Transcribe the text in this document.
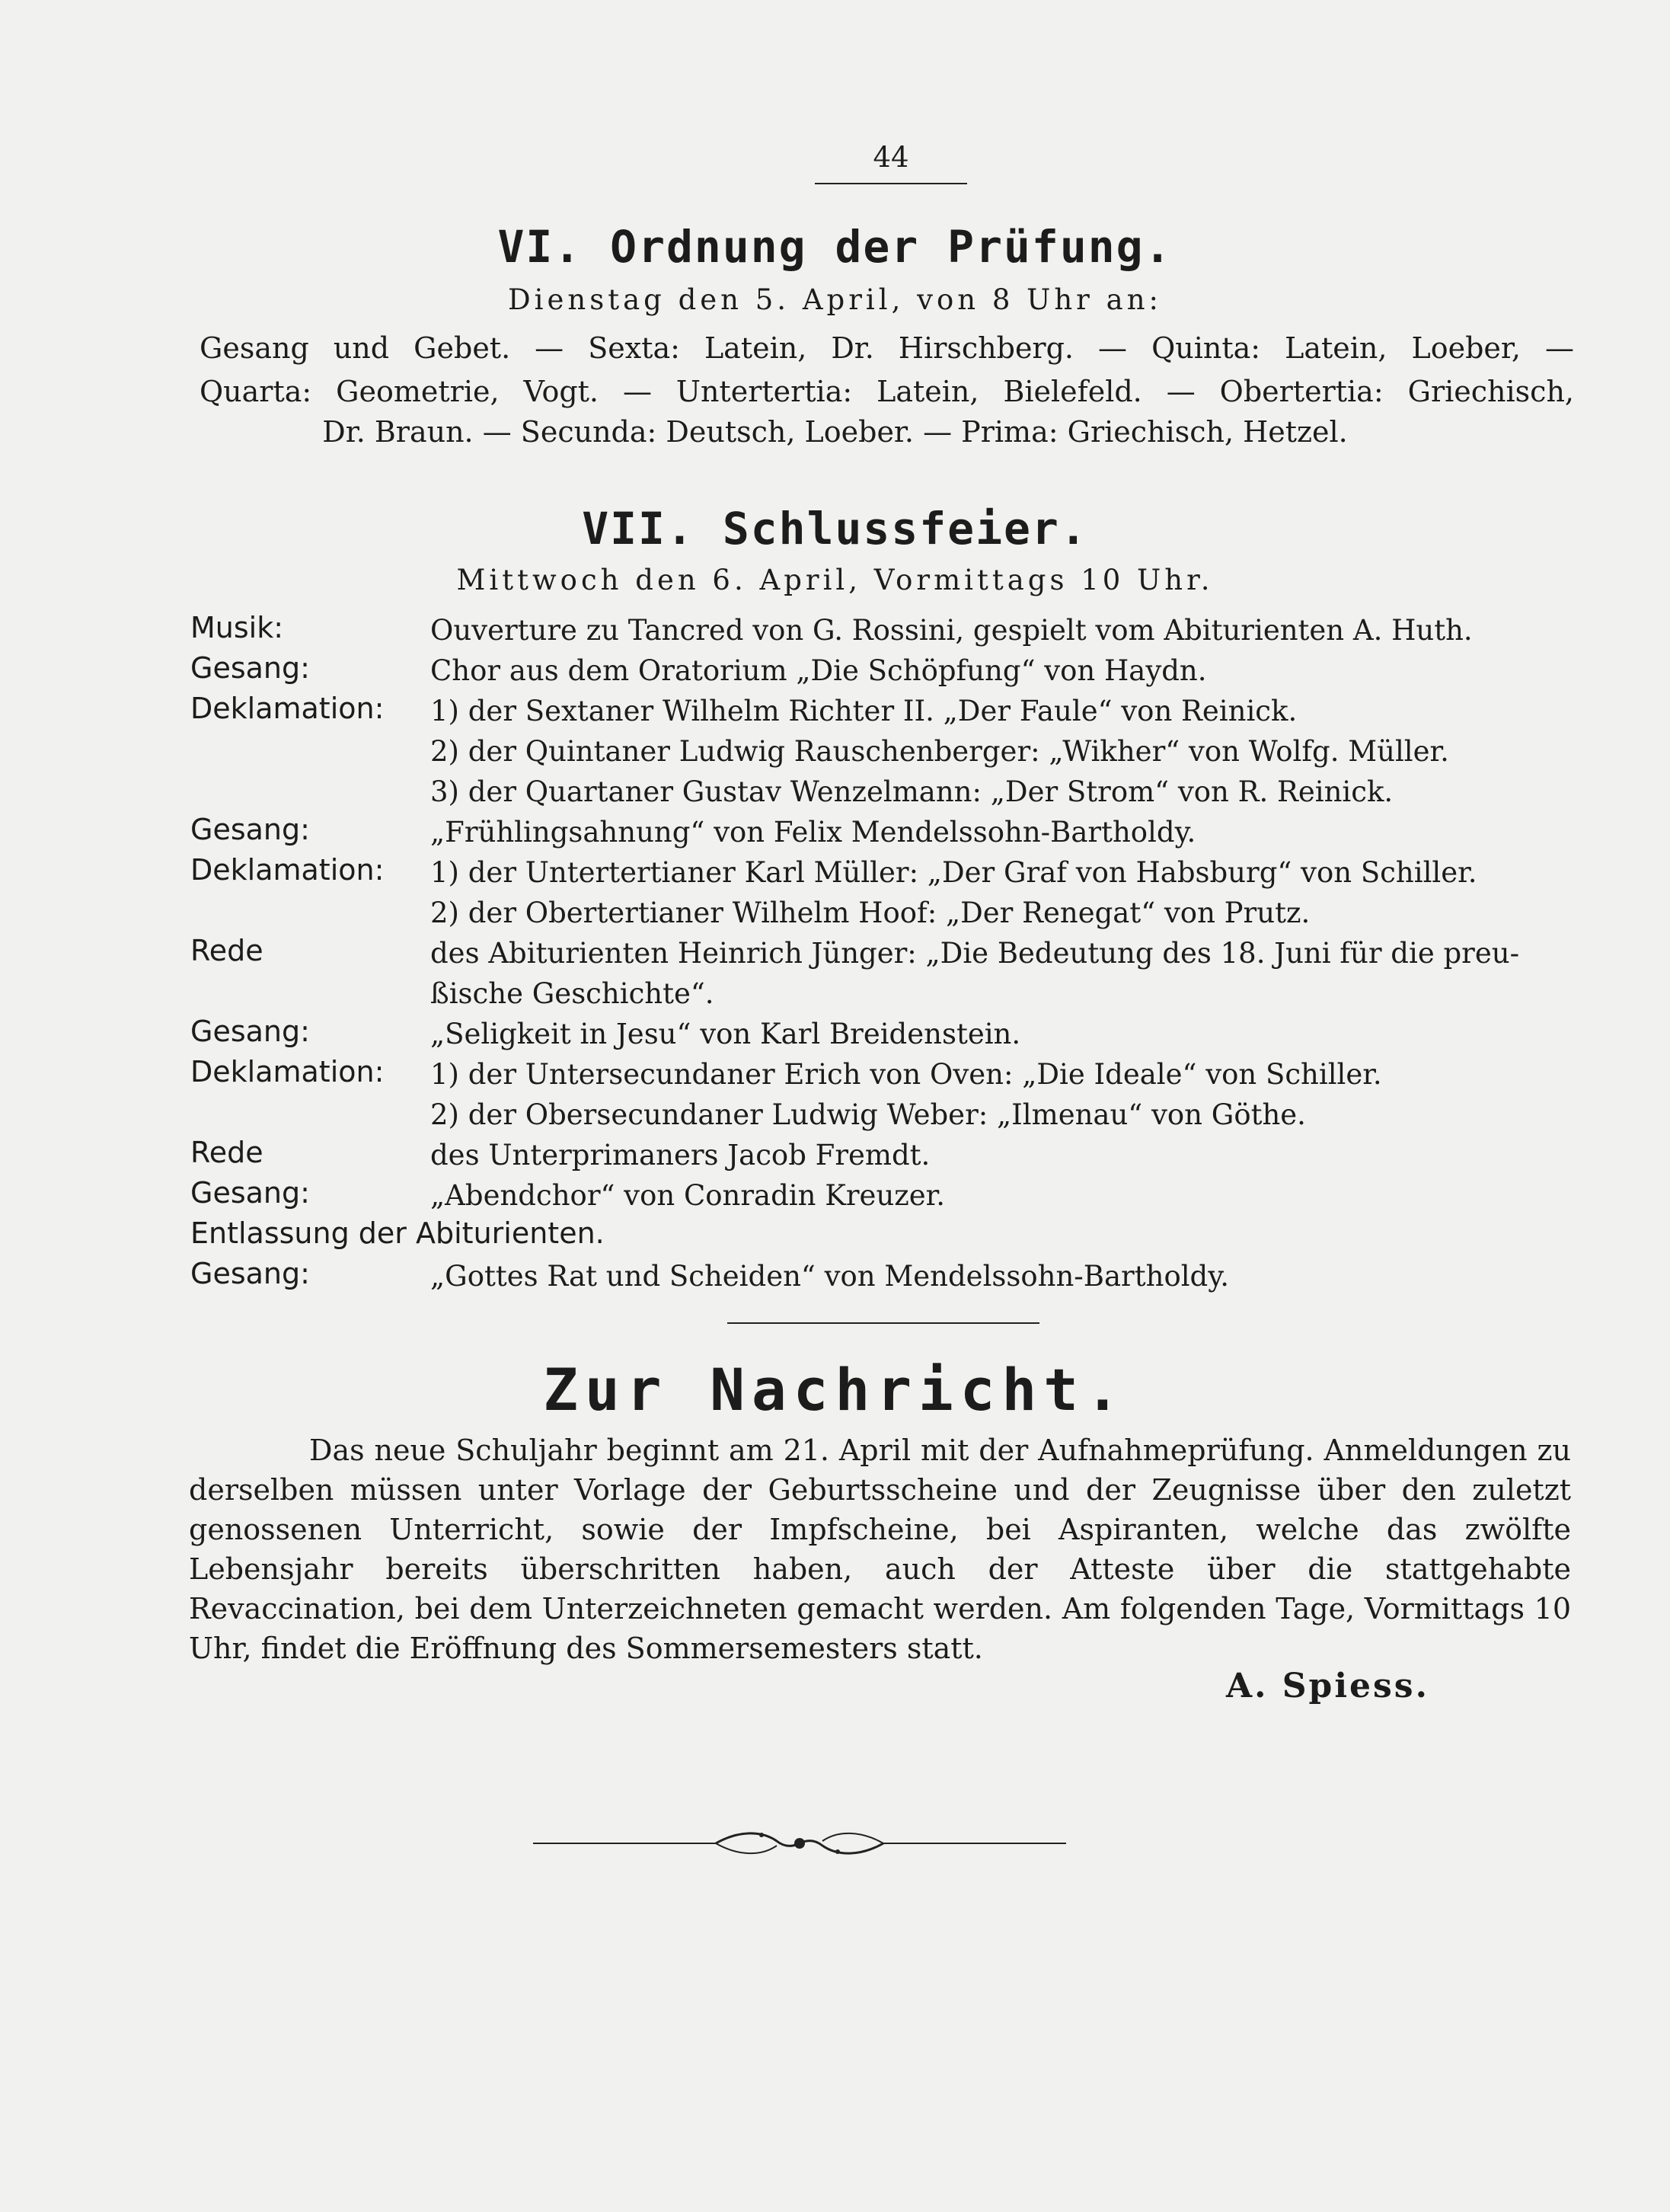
44
VI. Ordnung der Prüfung.
Dienstag den 5. April, von 8 Uhr an:
Gesang und Gebet. — Sexta: Latein, Dr. Hirschberg. — Quinta: Latein, Loeber, —
Quarta: Geometrie, Vogt. — Untertertia: Latein, Bielefeld. — Obertertia: Griechisch,
Dr. Braun. — Secunda: Deutsch, Loeber. — Prima: Griechisch, Hetzel.
VII. Schlussfeier.
Mittwoch den 6. April, Vormittags 10 Uhr.
Musik:	Ouverture zu Tancred von G. Rossini, gespielt vom Abiturienten A. Huth.
Gesang:	Chor aus dem Oratorium „Die Schöpfung“ von Haydn.
Deklamation: 1) der Sextaner Wilhelm Richter II. „Der Faule“ von Reinick.
2) der Quintaner Ludwig Rauschenberger: „Wikher“ von Wolfg. Müller.
3) der Quartaner Gustav Wenzelmann: „Der Strom“ von R. Reinick.
Gesang:	„Frühlingsahnung“ von Felix Mendelssohn-Bartholdy.
Deklamation: 1) der Untertertianer Karl Müller: „Der Graf von Habsburg“ von Schiller.
2) der Obertertianer Wilhelm Hoof: „Der Renegat“ von Prutz.
Rede	des Abiturienten Heinrich Jünger: „Die Bedeutung des 18. Juni für die preu-
ßische Geschichte“.
Gesang:	„Seligkeit in Jesu“ von Karl Breidenstein.
Deklamation: 1) der Untersecundaner Erich von Oven: „Die Ideale“ von Schiller.
2) der Obersecundaner Ludwig Weber: „Ilmenau“ von Göthe.
Rede	des Unterprimaners Jacob Fremdt.
Gesang:	„Abendchor“ von Conradin Kreuzer.
Entlassung der Abiturienten.
Gesang:	„Gottes Rat und Scheiden“ von Mendelssohn-Bartholdy.
Zur Nachricht.
Das neue Schuljahr beginnt am 21. April mit der Aufnahmeprüfung. Anmeldungen zu derselben müssen unter Vorlage der Geburtsscheine und der Zeugnisse über den zuletzt genossenen Unterricht, sowie der Impfscheine, bei Aspiranten, welche das zwölfte Lebensjahr bereits überschritten haben, auch der Atteste über die stattgehabte Revaccination, bei dem Unterzeichneten gemacht werden. Am folgenden Tage, Vormittags 10 Uhr, findet die Eröffnung des Sommersemesters statt.
A. Spiess.
